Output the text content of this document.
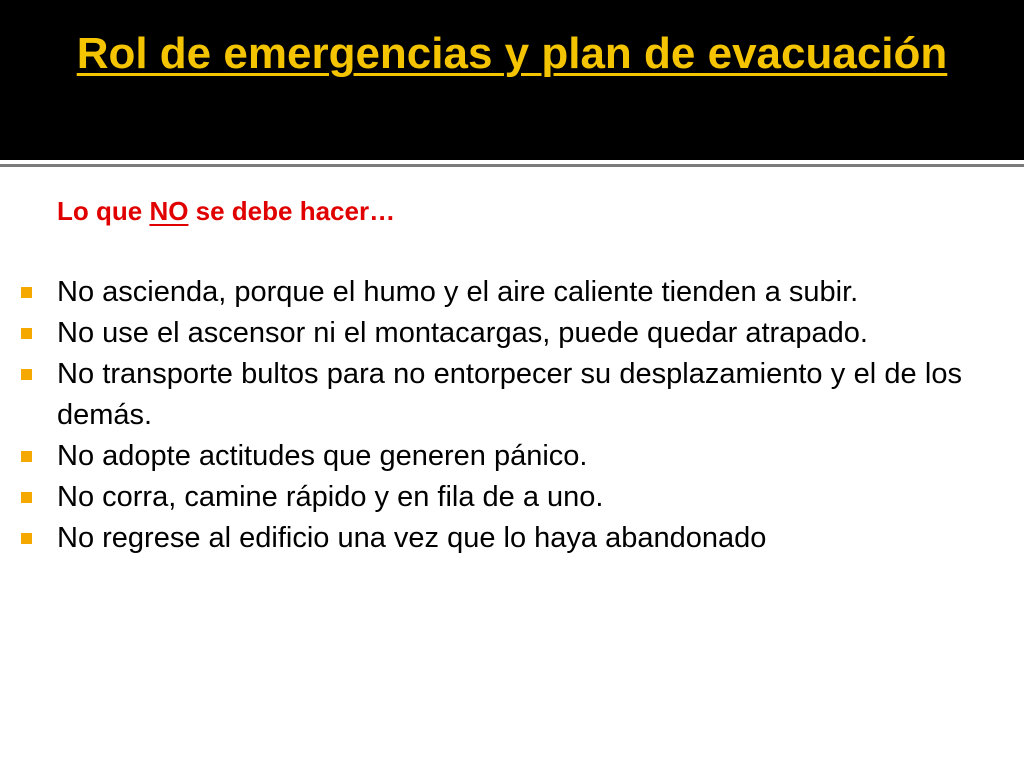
Rol de emergencias y plan de evacuación

Lo que NO se debe hacer…

No ascienda, porque el humo y el aire caliente tienden a subir.
No use el ascensor ni el montacargas, puede quedar atrapado.
No transporte bultos para no entorpecer su desplazamiento y el de los demás.
No adopte actitudes que generen pánico.
No corra, camine rápido y en fila de a uno.
No regrese al edificio una vez que lo haya abandonado
